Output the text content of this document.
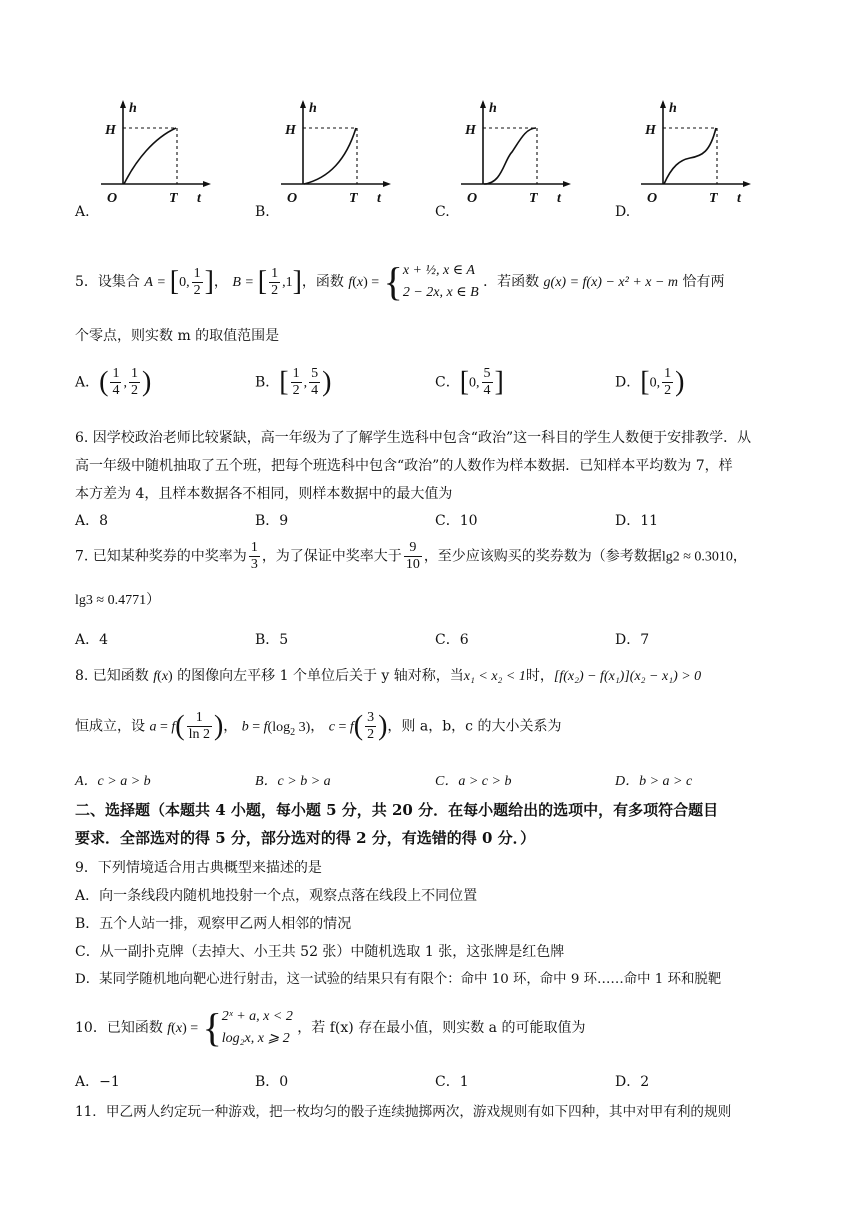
h
H
O	T t
A.
h
H
O	T t
B.
h
H
O	T t
C.
h
H
O	T t
D.
5．设集合 A = [0, $\frac{1}{2}$ ]， B = [ $\frac{1}{2} ,1$]，函数 f(x) = { x + ½, x ∈ A
2 − 2x, x ∈ B
．若函数 g(x) = f(x) − x² + x − m 恰有两
个零点，则实数 m 的取值范围是
A．( $\frac{1}{4}$ , $\frac{1}{2}$ )	B．[ $\frac{1}{2}$ , $\frac{5}{4}$ )	C．[0, $\frac{5}{4}$ ]	D．[0, $\frac{1}{2}$ )
6. 因学校政治老师比较紧缺，高一年级为了了解学生选科中包含“政治”这一科目的学生人数便于安排教学．从
高一年级中随机抽取了五个班，把每个班选科中包含“政治”的人数作为样本数据．已知样本平均数为 7，样
本方差为 4，且样本数据各不相同，则样本数据中的最大值为
A．8	B．9	C．10	D．11
7. 已知某种奖券的中奖率为 $\frac{1}{3}$ ，为了保证中奖率大于 $\frac{9}{10}$ ，至少应该购买的奖券数为（参考数据lg2 ≈ 0.3010，
lg3 ≈ 0.4771）
A．4	B．5	C．6	D．7
8. 已知函数 f(x) 的图像向左平移 1 个单位后关于 y 轴对称，当x₁ < x₂ < 1时，[f(x₂) − f(x₁)](x₂ − x₁) > 0
恒成立，设 $a = f( \frac{1}{\ln 2}$ )， $b = f(\log_2$ 3)， $c = f( \frac{3}{2}$ )，则 a，b，c 的大小关系为
A．c > a > b	B．c > b > a	C．a > c > b	D．b > a > c
二、选择题（本题共 4 小题，每小题 5 分，共 20 分．在每小题给出的选项中，有多项符合题目
要求．全部选对的得 5 分，部分选对的得 2 分，有选错的得 0 分．）
9．下列情境适合用古典概型来描述的是
A．向一条线段内随机地投射一个点，观察点落在线段上不同位置
B．五个人站一排，观察甲乙两人相邻的情况
C．从一副扑克牌（去掉大、小王共 52 张）中随机选取 1 张，这张牌是红色牌
D．某同学随机地向靶心进行射击，这一试验的结果只有有限个：命中 10 环，命中 9 环……命中 1 环和脱靶
10．已知函数 f(x) = { 2ˣ + a, x < 2
log₂x, x ⩾ 2
，若 f(x) 存在最小值，则实数 a 的可能取值为
A．−1	B．0	C．1	D．2
11．甲乙两人约定玩一种游戏，把一枚均匀的骰子连续抛掷两次，游戏规则有如下四种，其中对甲有利的规则
